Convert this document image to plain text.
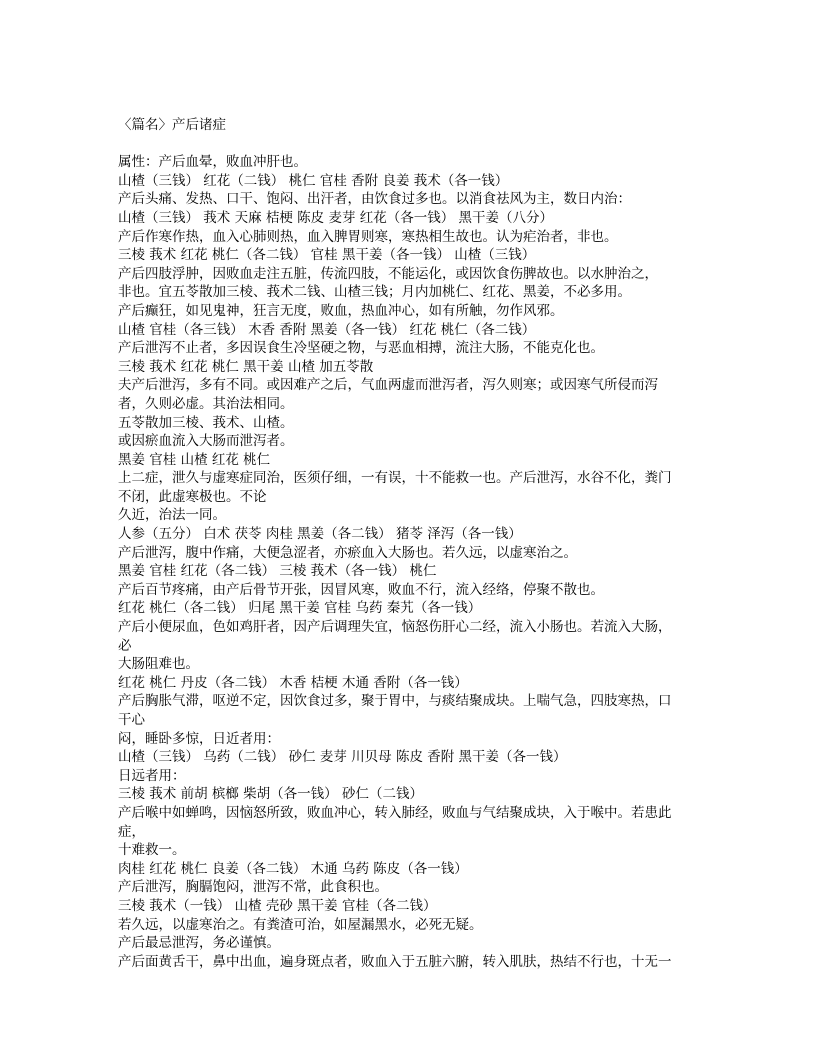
〈篇名〉产后诸症
属性：产后血晕，败血冲肝也。
山楂（三钱） 红花（二钱） 桃仁 官桂 香附 良姜 莪术（各一钱）
产后头痛、发热、口干、饱闷、出汗者，由饮食过多也。以消食祛风为主，数日内治：
山楂（三钱） 莪术 天麻 桔梗 陈皮 麦芽 红花（各一钱） 黑干姜（八分）
产后作寒作热，血入心肺则热，血入脾胃则寒，寒热相生故也。认为疟治者，非也。
三棱 莪术 红花 桃仁（各二钱） 官桂 黑干姜（各一钱） 山楂（三钱）
产后四肢浮肿，因败血走注五脏，传流四肢，不能运化，或因饮食伤脾故也。以水肿治之，
非也。宜五苓散加三棱、莪术二钱、山楂三钱；月内加桃仁、红花、黑姜，不必多用。
产后癫狂，如见鬼神，狂言无度，败血，热血冲心，如有所触，勿作风邪。
山楂 官桂（各三钱） 木香 香附 黑姜（各一钱） 红花 桃仁（各二钱）
产后泄泻不止者，多因误食生冷坚硬之物，与恶血相搏，流注大肠，不能克化也。
三棱 莪术 红花 桃仁 黑干姜 山楂 加五苓散
夫产后泄泻，多有不同。或因难产之后，气血两虚而泄泻者，泻久则寒；或因寒气所侵而泻
者，久则必虚。其治法相同。
五苓散加三棱、莪术、山楂。
或因瘀血流入大肠而泄泻者。
黑姜 官桂 山楂 红花 桃仁
上二症，泄久与虚寒症同治，医须仔细，一有误，十不能救一也。产后泄泻，水谷不化，粪门
不闭，此虚寒极也。不论
久近，治法一同。
人参（五分） 白术 茯苓 肉桂 黑姜（各二钱） 猪苓 泽泻（各一钱）
产后泄泻，腹中作痛，大便急涩者，亦瘀血入大肠也。若久远，以虚寒治之。
黑姜 官桂 红花（各二钱） 三棱 莪术（各一钱） 桃仁
产后百节疼痛，由产后骨节开张，因冒风寒，败血不行，流入经络，停聚不散也。
红花 桃仁（各二钱） 归尾 黑干姜 官桂 乌药 秦艽（各一钱）
产后小便尿血，色如鸡肝者，因产后调理失宜，恼怒伤肝心二经，流入小肠也。若流入大肠，
必
大肠阻难也。
红花 桃仁 丹皮（各二钱） 木香 桔梗 木通 香附（各一钱）
产后胸胀气滞，呕逆不定，因饮食过多，聚于胃中，与痰结聚成块。上喘气急，四肢寒热，口
干心
闷，睡卧多惊，日近者用：
山楂（三钱） 乌药（二钱） 砂仁 麦芽 川贝母 陈皮 香附 黑干姜（各一钱）
日远者用：
三棱 莪术 前胡 槟榔 柴胡（各一钱） 砂仁（二钱）
产后喉中如蝉鸣，因恼怒所致，败血冲心，转入肺经，败血与气结聚成块，入于喉中。若患此
症，
十难救一。
肉桂 红花 桃仁 良姜（各二钱） 木通 乌药 陈皮（各一钱）
产后泄泻，胸膈饱闷，泄泻不常，此食积也。
三棱 莪术（一钱） 山楂 壳砂 黑干姜 官桂（各二钱）
若久远，以虚寒治之。有粪渣可治，如屋漏黑水，必死无疑。
产后最忌泄泻，务必谨慎。
产后面黄舌干，鼻中出血，遍身斑点者，败血入于五脏六腑，转入肌肤，热结不行也，十无一
